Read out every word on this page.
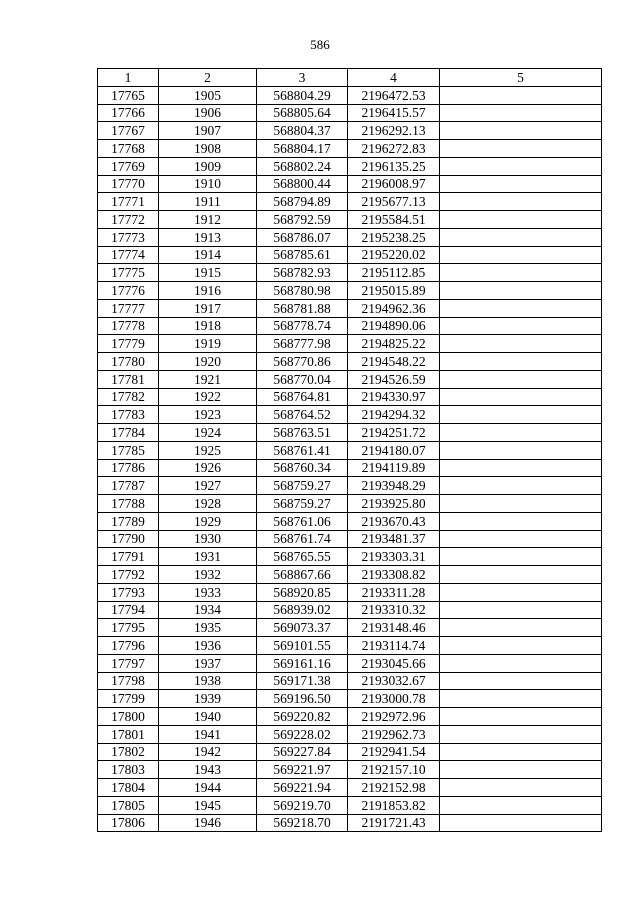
586
1	2	3	4	5
17765	1905	568804.29	2196472.53	
17766	1906	568805.64	2196415.57	
17767	1907	568804.37	2196292.13	
17768	1908	568804.17	2196272.83	
17769	1909	568802.24	2196135.25	
17770	1910	568800.44	2196008.97	
17771	1911	568794.89	2195677.13	
17772	1912	568792.59	2195584.51	
17773	1913	568786.07	2195238.25	
17774	1914	568785.61	2195220.02	
17775	1915	568782.93	2195112.85	
17776	1916	568780.98	2195015.89	
17777	1917	568781.88	2194962.36	
17778	1918	568778.74	2194890.06	
17779	1919	568777.98	2194825.22	
17780	1920	568770.86	2194548.22	
17781	1921	568770.04	2194526.59	
17782	1922	568764.81	2194330.97	
17783	1923	568764.52	2194294.32	
17784	1924	568763.51	2194251.72	
17785	1925	568761.41	2194180.07	
17786	1926	568760.34	2194119.89	
17787	1927	568759.27	2193948.29	
17788	1928	568759.27	2193925.80	
17789	1929	568761.06	2193670.43	
17790	1930	568761.74	2193481.37	
17791	1931	568765.55	2193303.31	
17792	1932	568867.66	2193308.82	
17793	1933	568920.85	2193311.28	
17794	1934	568939.02	2193310.32	
17795	1935	569073.37	2193148.46	
17796	1936	569101.55	2193114.74	
17797	1937	569161.16	2193045.66	
17798	1938	569171.38	2193032.67	
17799	1939	569196.50	2193000.78	
17800	1940	569220.82	2192972.96	
17801	1941	569228.02	2192962.73	
17802	1942	569227.84	2192941.54	
17803	1943	569221.97	2192157.10	
17804	1944	569221.94	2192152.98	
17805	1945	569219.70	2191853.82	
17806	1946	569218.70	2191721.43	
